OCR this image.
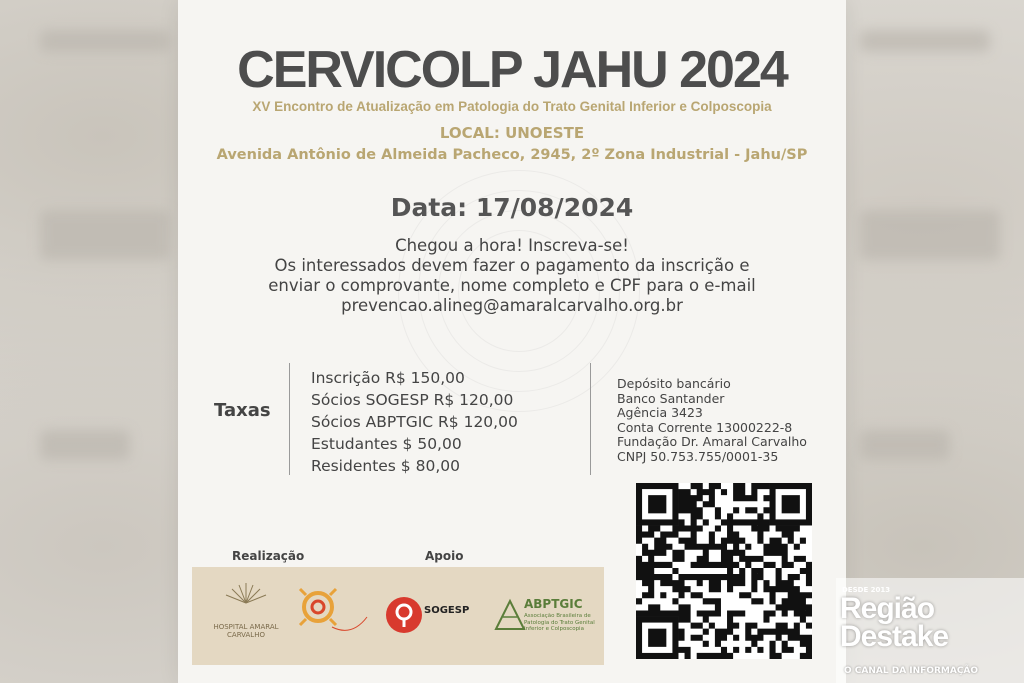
CERVICOLP JAHU 2024
XV Encontro de Atualização em Patologia do Trato Genital Inferior e Colposcopia
LOCAL: UNOESTE
Avenida Antônio de Almeida Pacheco, 2945, 2º Zona Industrial - Jahu/SP
Data: 17/08/2024
Chegou a hora! Inscreva-se!
Os interessados devem fazer o pagamento da inscrição e
enviar o comprovante, nome completo e CPF para o e-mail
prevencao.alineg@amaralcarvalho.org.br
Taxas
Inscrição R$ 150,00
Sócios SOGESP R$ 120,00
Sócios ABPTGIC R$ 120,00
Estudantes $ 50,00
Residentes $ 80,00
Depósito bancário
Banco Santander
Agência 3423
Conta Corrente 13000222-8
Fundação Dr. Amaral Carvalho
CNPJ 50.753.755/0001-35
Realização	Apoio
HOSPITAL AMARAL CARVALHO
SOGESP	ABPTGIC
Associação Brasileira de Patologia do Trato Genital Inferior e Colposcopia
DESDE 2013
Região
Destake
O CANAL DA INFORMAÇÃO
